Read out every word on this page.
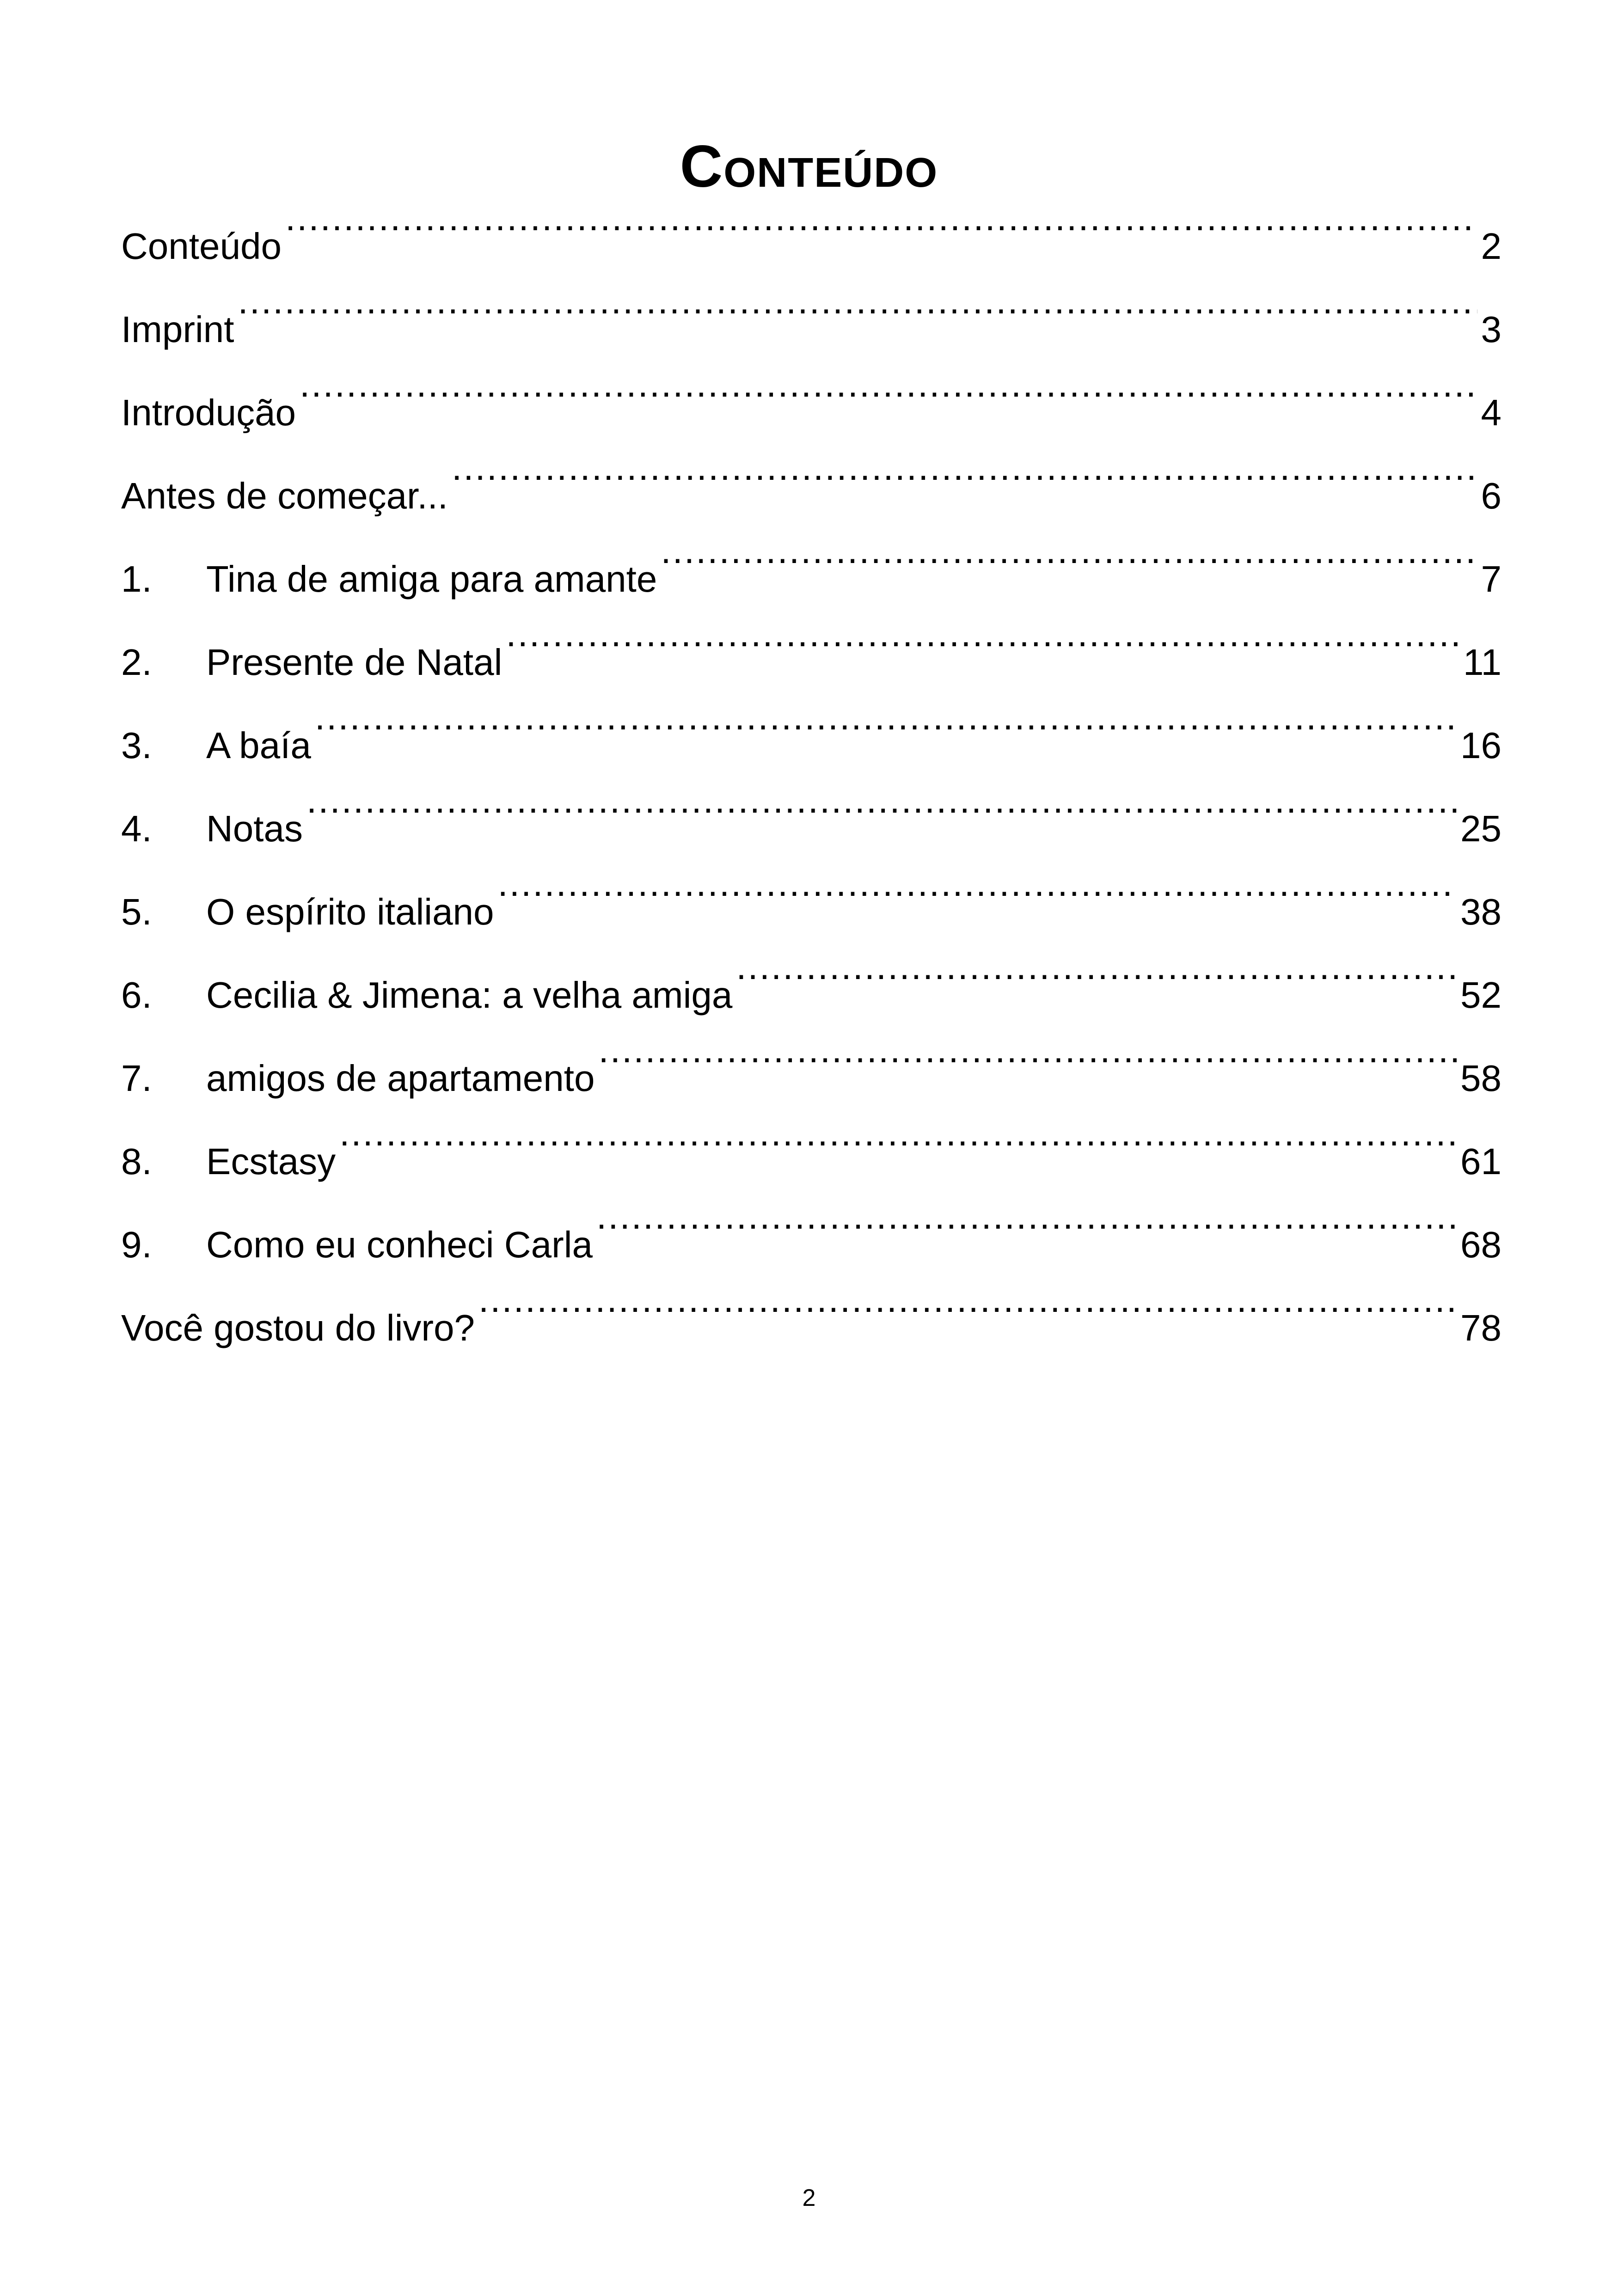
Conteúdo
Conteúdo .....	2
Imprint .....	3
Introdução .....	4
Antes de começar... .....	6
1.	Tina de amiga para amante .....	7
2.	Presente de Natal .....	11
3.	A baía .....	16
4.	Notas .....	25
5.	O espírito italiano .....	38
6.	Cecilia & Jimena: a velha amiga .....	52
7.	amigos de apartamento .....	58
8.	Ecstasy .....	61
9.	Como eu conheci Carla .....	68
Você gostou do livro? .....	78
2
